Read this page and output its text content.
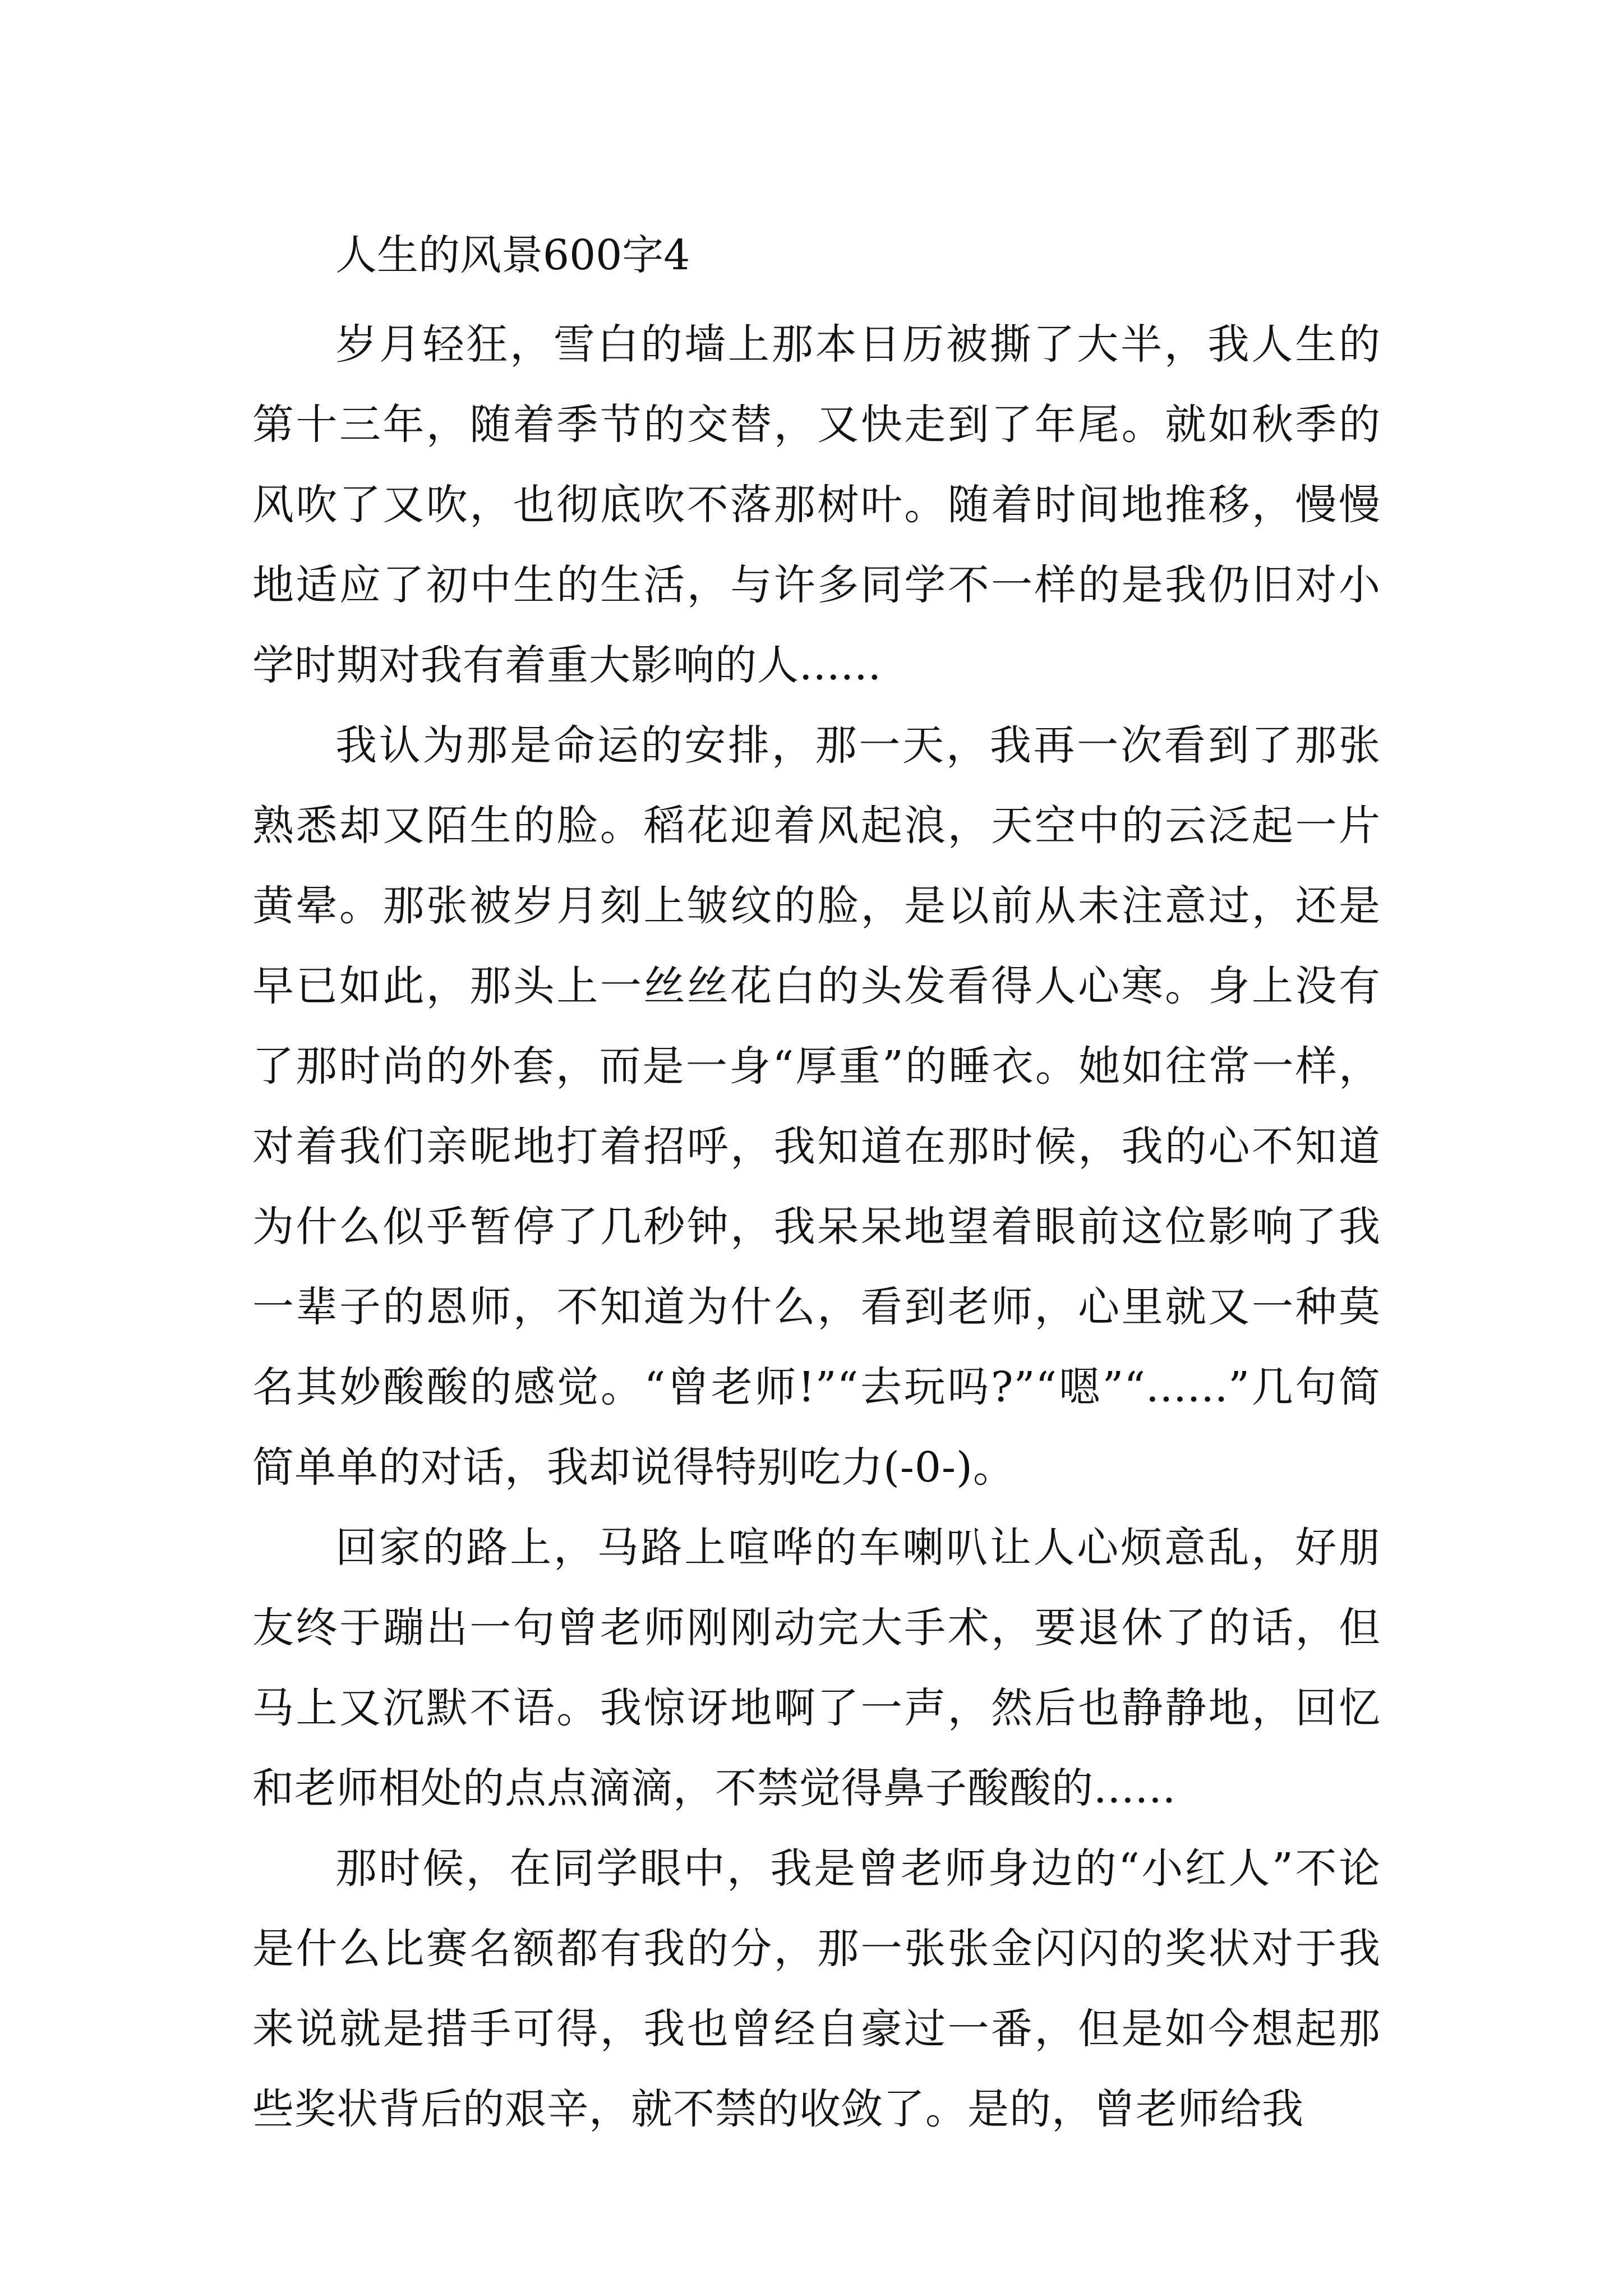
人生的风景600字4

岁月轻狂，雪白的墙上那本日历被撕了大半，我人生的第十三年，随着季节的交替，又快走到了年尾。就如秋季的风吹了又吹，也彻底吹不落那树叶。随着时间地推移，慢慢地适应了初中生的生活，与许多同学不一样的是我仍旧对小学时期对我有着重大影响的人......

我认为那是命运的安排，那一天，我再一次看到了那张熟悉却又陌生的脸。稻花迎着风起浪，天空中的云泛起一片黄晕。那张被岁月刻上皱纹的脸，是以前从未注意过，还是早已如此，那头上一丝丝花白的头发看得人心寒。身上没有了那时尚的外套，而是一身“厚重”的睡衣。她如往常一样，对着我们亲昵地打着招呼，我知道在那时候，我的心不知道为什么似乎暂停了几秒钟，我呆呆地望着眼前这位影响了我一辈子的恩师，不知道为什么，看到老师，心里就又一种莫名其妙酸酸的感觉。“曾老师!”“去玩吗?”“嗯”“......”几句简简单单的对话，我却说得特别吃力(-0-)。

回家的路上，马路上喧哗的车喇叭让人心烦意乱，好朋友终于蹦出一句曾老师刚刚动完大手术，要退休了的话，但马上又沉默不语。我惊讶地啊了一声，然后也静静地，回忆和老师相处的点点滴滴，不禁觉得鼻子酸酸的......

那时候，在同学眼中，我是曾老师身边的“小红人”不论是什么比赛名额都有我的分，那一张张金闪闪的奖状对于我来说就是措手可得，我也曾经自豪过一番，但是如今想起那些奖状背后的艰辛，就不禁的收敛了。是的，曾老师给我
